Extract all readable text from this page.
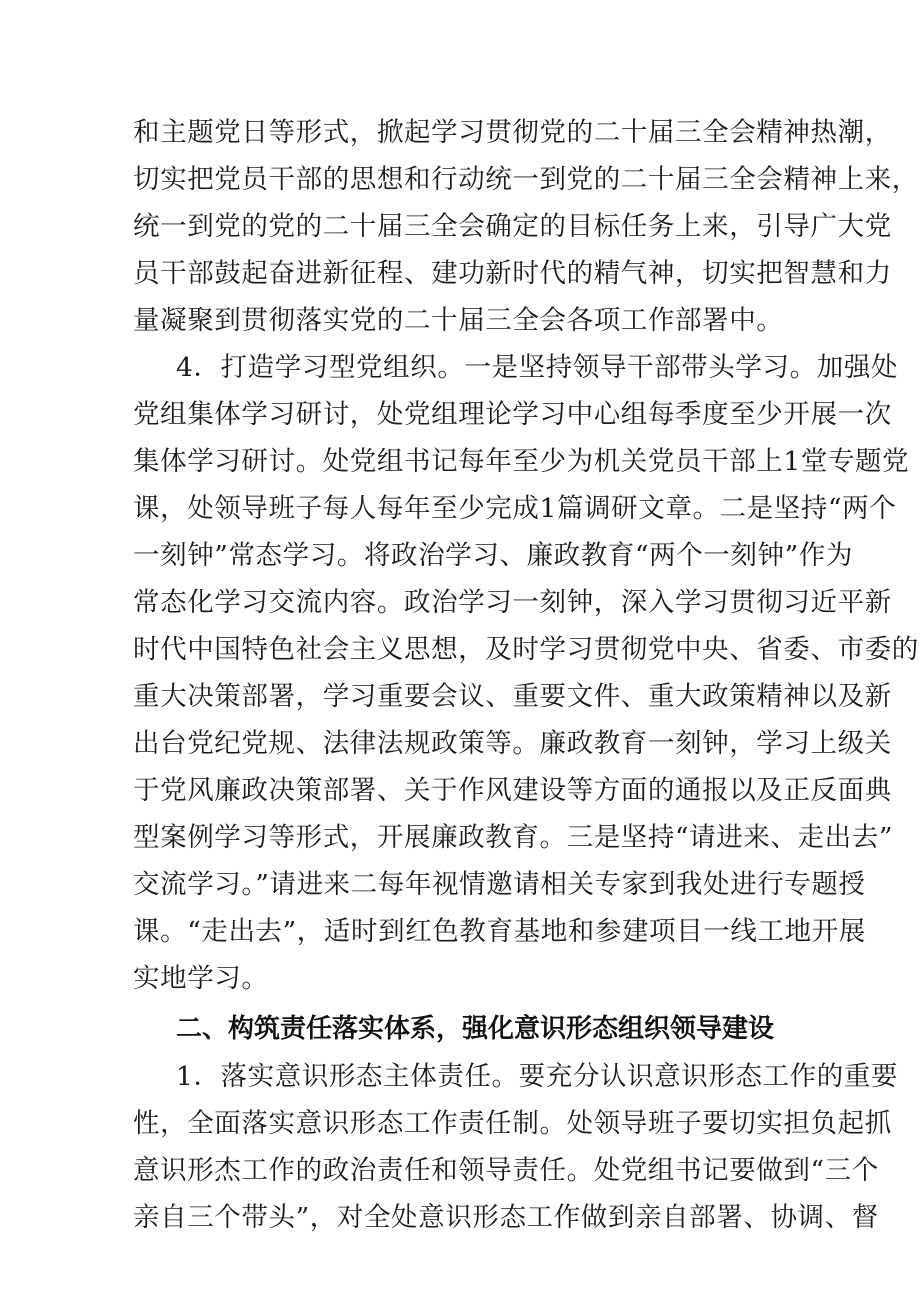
和主题党日等形式，掀起学习贯彻党的二十届三全会精神热潮，
切实把党员干部的思想和行动统一到党的二十届三全会精神上来，
统一到党的党的二十届三全会确定的目标任务上来，引导广大党
员干部鼓起奋进新征程、建功新时代的精气神，切实把智慧和力
量凝聚到贯彻落实党的二十届三全会各项工作部署中。
4．打造学习型党组织。一是坚持领导干部带头学习。加强处
党组集体学习研讨，处党组理论学习中心组每季度至少开展一次
集体学习研讨。处党组书记每年至少为机关党员干部上1堂专题党
课，处领导班子每人每年至少完成1篇调研文章。二是坚持“两个
一刻钟”常态学习。将政治学习、廉政教育“两个一刻钟”作为
常态化学习交流内容。政治学习一刻钟，深入学习贯彻习近平新
时代中国特色社会主义思想，及时学习贯彻党中央、省委、市委的
重大决策部署，学习重要会议、重要文件、重大政策精神以及新
出台党纪党规、法律法规政策等。廉政教育一刻钟，学习上级关
于党风廉政决策部署、关于作风建设等方面的通报以及正反面典
型案例学习等形式，开展廉政教育。三是坚持“请进来、走出去”
交流学习。”请进来二每年视情邀请相关专家到我处进行专题授
课。“走出去”，适时到红色教育基地和参建项目一线工地开展
实地学习。
二、构筑责任落实体系，强化意识形态组织领导建设
1．落实意识形态主体责任。要充分认识意识形态工作的重要
性，全面落实意识形态工作责任制。处领导班子要切实担负起抓
意识形杰工作的政治责任和领导责任。处党组书记要做到“三个
亲自三个带头”，对全处意识形态工作做到亲自部署、协调、督
